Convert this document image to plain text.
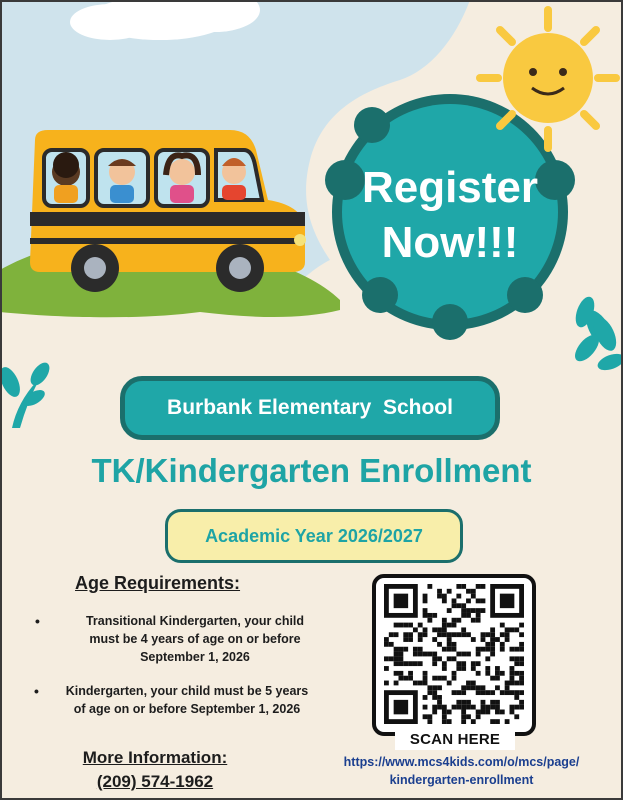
Register
Now!!!
Burbank Elementary  School
TK/Kindergarten Enrollment
Academic Year 2026/2027
Age Requirements:
•	Transitional Kindergarten, your child
must be 4 years of age on or before
September 1, 2026
•	Kindergarten, your child must be 5 years
of age on or before September 1, 2026
More Information:
(209) 574-1962
SCAN HERE
https://www.mcs4kids.com/o/mcs/page/
kindergarten-enrollment
